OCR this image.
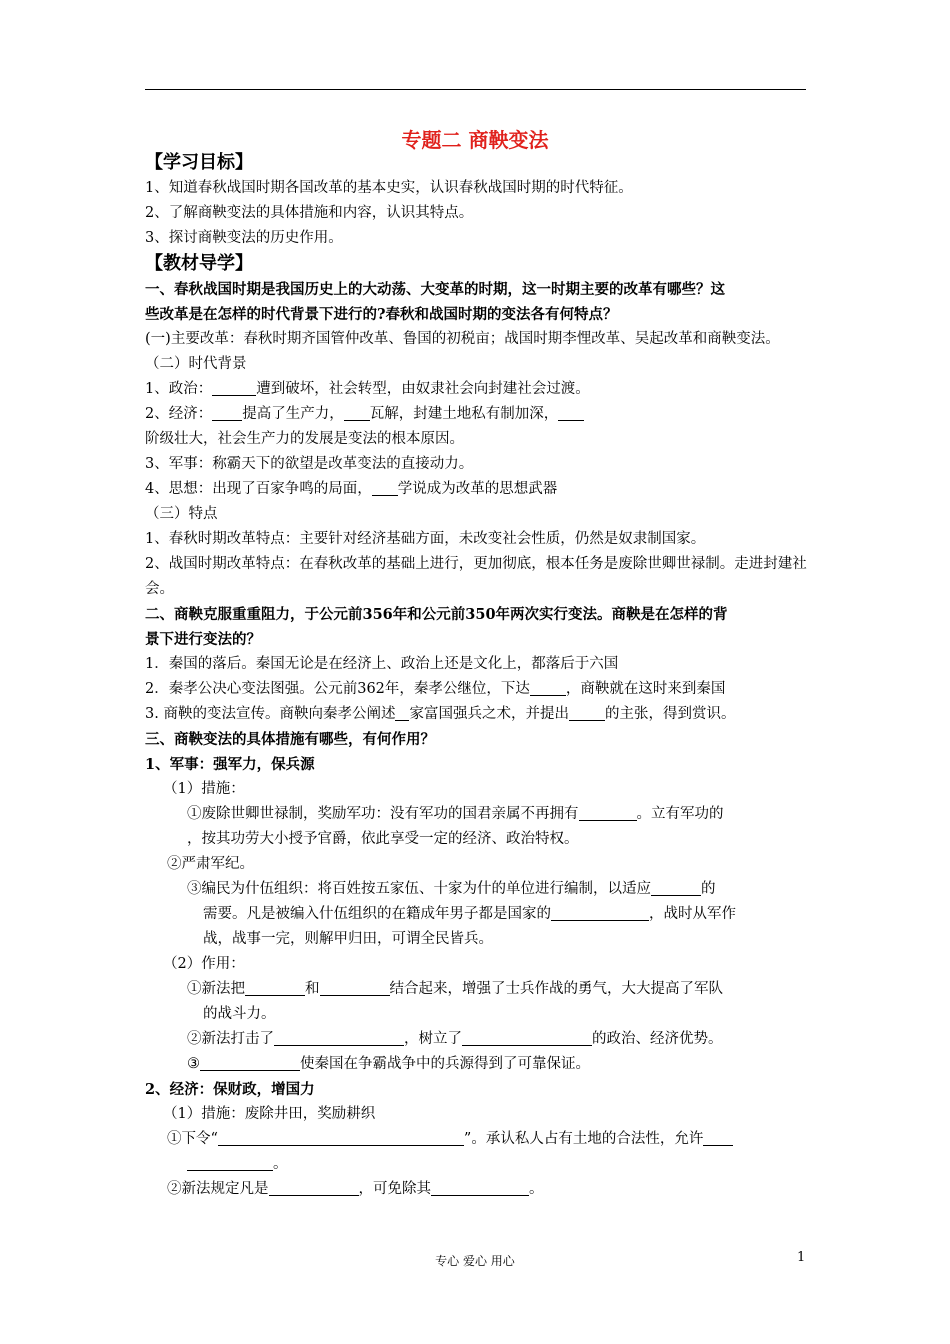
专题二 商鞅变法
【学习目标】
1、知道春秋战国时期各国改革的基本史实，认识春秋战国时期的时代特征。
2、了解商鞅变法的具体措施和内容，认识其特点。
3、探讨商鞅变法的历史作用。
【教材导学】
一、春秋战国时期是我国历史上的大动荡、大变革的时期，这一时期主要的改革有哪些？这
些改革是在怎样的时代背景下进行的?春秋和战国时期的变法各有何特点？
(一)主要改革：春秋时期齐国管仲改革、鲁国的初税亩；战国时期李悝改革、吴起改革和商鞅变法。
（二）时代背景
1、政治：	遭到破坏，社会转型，由奴隶社会向封建社会过渡。
2、经济： 提高了生产力， 瓦解，封建土地私有制加深，
阶级壮大，社会生产力的发展是变法的根本原因。
3、军事：称霸天下的欲望是改革变法的直接动力。
4、思想：出现了百家争鸣的局面， 学说成为改革的思想武器
（三）特点
1、春秋时期改革特点：主要针对经济基础方面，未改变社会性质，仍然是奴隶制国家。
2、战国时期改革特点：在春秋改革的基础上进行，更加彻底，根本任务是废除世卿世禄制。走进封建社会。
二、商鞅克服重重阻力，于公元前356年和公元前350年两次实行变法。商鞅是在怎样的背
景下进行变法的？
1．秦国的落后。秦国无论是在经济上、政治上还是文化上，都落后于六国
2．秦孝公决心变法图强。公元前362年，秦孝公继位，下达 ，商鞅就在这时来到秦国
3. 商鞅的变法宣传。商鞅向秦孝公阐述 家富国强兵之术，并提出 的主张，得到赏识。
三、商鞅变法的具体措施有哪些，有何作用？
1、军事：强军力，保兵源
（1）措施：
①废除世卿世禄制，奖励军功：没有军功的国君亲属不再拥有	。立有军功的
，按其功劳大小授予官爵，依此享受一定的经济、政治特权。
②严肃军纪。
③编民为什伍组织：将百姓按五家伍、十家为什的单位进行编制，以适应	的
需要。凡是被编入什伍组织的在籍成年男子都是国家的	，战时从军作
战，战事一完，则解甲归田，可谓全民皆兵。
（2）作用：
①新法把	和	结合起来，增强了士兵作战的勇气，大大提高了军队
的战斗力。
②新法打击了	，树立了	的政治、经济优势。
③	使秦国在争霸战争中的兵源得到了可靠保证。
2、经济：保财政，增国力
（1）措施：废除井田，奖励耕织
①下令“	”。承认私人占有土地的合法性，允许
。
②新法规定凡是	，可免除其	。
专心 爱心 用心	1
